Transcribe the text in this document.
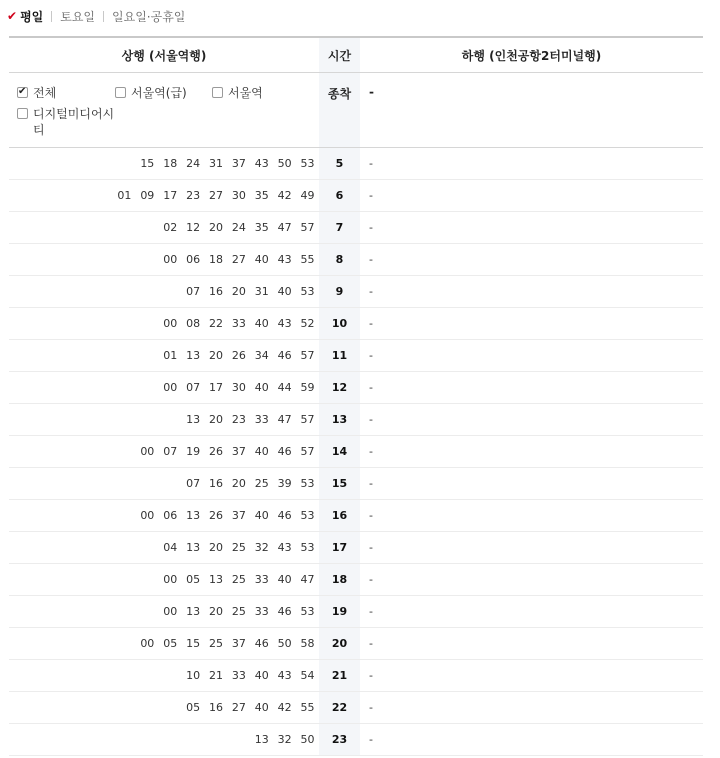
✔ 평일 토요일 일요일·공휴일
상행 (서울역행)	시간	하행 (인천공항2터미널행)
✔
전체	서울역(급)	서울역
디지털미디어시티
종착	-
15 18 24 31 37 43 50 53	5	-
01 09 17 23 27 30 35 42 49	6	-
02 12 20 24 35 47 57	7	-
00 06 18 27 40 43 55	8	-
07 16 20 31 40 53	9	-
00 08 22 33 40 43 52	10	-
01 13 20 26 34 46 57	11	-
00 07 17 30 40 44 59	12	-
13 20 23 33 47 57	13	-
00 07 19 26 37 40 46 57	14	-
07 16 20 25 39 53	15	-
00 06 13 26 37 40 46 53	16	-
04 13 20 25 32 43 53	17	-
00 05 13 25 33 40 47	18	-
00 13 20 25 33 46 53	19	-
00 05 15 25 37 46 50 58	20	-
10 21 33 40 43 54	21	-
05 16 27 40 42 55	22	-
13 32 50	23	-
